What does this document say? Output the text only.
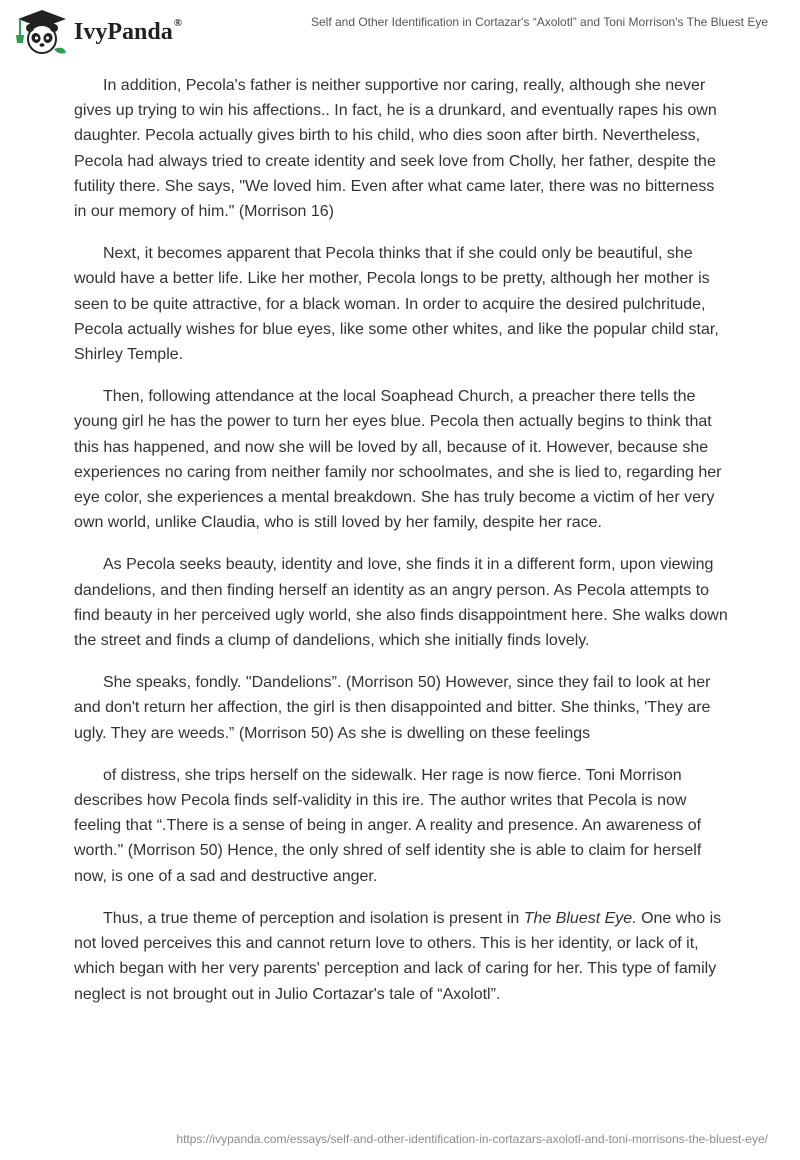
IvyPanda®	Self and Other Identification in Cortazar's “Axolotl” and Toni Morrison's The Bluest Eye

In addition, Pecola's father is neither supportive nor caring, really, although she never gives up trying to win his affections.. In fact, he is a drunkard, and eventually rapes his own daughter. Pecola actually gives birth to his child, who dies soon after birth. Nevertheless, Pecola had always tried to create identity and seek love from Cholly, her father, despite the futility there. She says, "We loved him. Even after what came later, there was no bitterness in our memory of him." (Morrison 16)

Next, it becomes apparent that Pecola thinks that if she could only be beautiful, she would have a better life. Like her mother, Pecola longs to be pretty, although her mother is seen to be quite attractive, for a black woman. In order to acquire the desired pulchritude, Pecola actually wishes for blue eyes, like some other whites, and like the popular child star, Shirley Temple.

Then, following attendance at the local Soaphead Church, a preacher there tells the young girl he has the power to turn her eyes blue. Pecola then actually begins to think that this has happened, and now she will be loved by all, because of it. However, because she experiences no caring from neither family nor schoolmates, and she is lied to, regarding her eye color, she experiences a mental breakdown. She has truly become a victim of her very own world, unlike Claudia, who is still loved by her family, despite her race.

As Pecola seeks beauty, identity and love, she finds it in a different form, upon viewing dandelions, and then finding herself an identity as an angry person. As Pecola attempts to find beauty in her perceived ugly world, she also finds disappointment here. She walks down the street and finds a clump of dandelions, which she initially finds lovely.

She speaks, fondly. "Dandelions”. (Morrison 50) However, since they fail to look at her and don't return her affection, the girl is then disappointed and bitter. She thinks, 'They are ugly. They are weeds.” (Morrison 50) As she is dwelling on these feelings

of distress, she trips herself on the sidewalk. Her rage is now fierce. Toni Morrison describes how Pecola finds self-validity in this ire. The author writes that Pecola is now feeling that “.There is a sense of being in anger. A reality and presence. An awareness of worth." (Morrison 50) Hence, the only shred of self identity she is able to claim for herself now, is one of a sad and destructive anger.

Thus, a true theme of perception and isolation is present in The Bluest Eye. One who is not loved perceives this and cannot return love to others. This is her identity, or lack of it, which began with her very parents' perception and lack of caring for her. This type of family neglect is not brought out in Julio Cortazar's tale of “Axolotl”.

https://ivypanda.com/essays/self-and-other-identification-in-cortazars-axolotl-and-toni-morrisons-the-bluest-eye/
